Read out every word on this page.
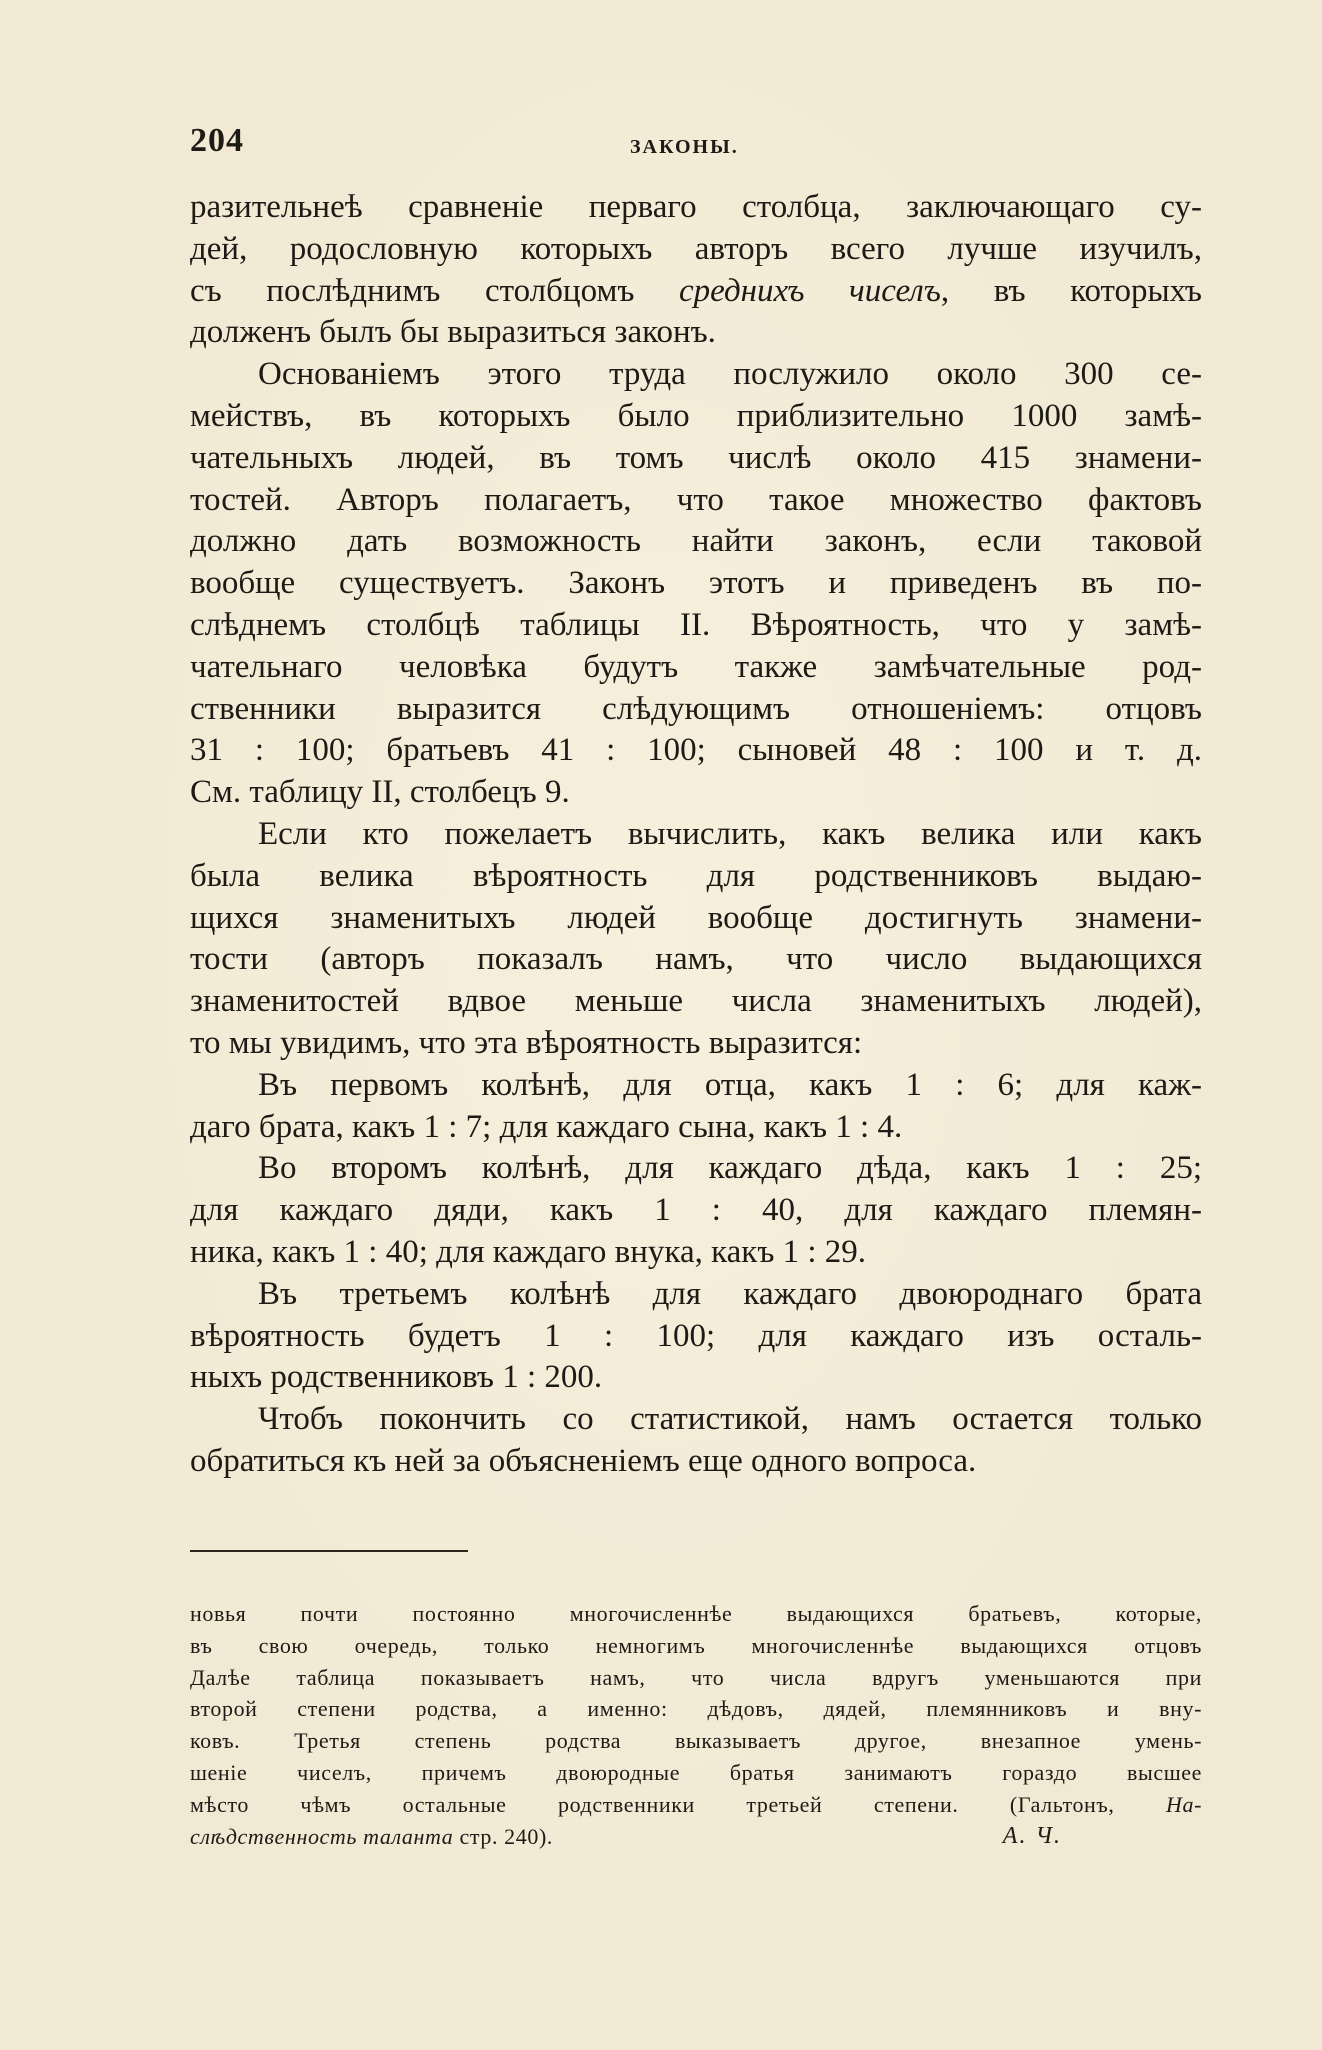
204	ЗАКОНЫ.

разительнеѣ сравненіе перваго столбца, заключающаго су-
дей, родословную которыхъ авторъ всего лучше изучилъ,
съ послѣднимъ столбцомъ среднихъ чиселъ, въ которыхъ
долженъ былъ бы выразиться законъ.

Основаніемъ этого труда послужило около 300 се-
мействъ, въ которыхъ было приблизительно 1000 замѣ-
чательныхъ людей, въ томъ числѣ около 415 знамени-
тостей. Авторъ полагаетъ, что такое множество фактовъ
должно дать возможность найти законъ, если таковой
вообще существуетъ. Законъ этотъ и приведенъ въ по-
слѣднемъ столбцѣ таблицы II. Вѣроятность, что у замѣ-
чательнаго человѣка будутъ также замѣчательные род-
ственники выразится слѣдующимъ отношеніемъ: отцовъ
31 : 100; братьевъ 41 : 100; сыновей 48 : 100 и т. д.
См. таблицу II, столбецъ 9.

Если кто пожелаетъ вычислить, какъ велика или какъ
была велика вѣроятность для родственниковъ выдаю-
щихся знаменитыхъ людей вообще достигнуть знамени-
тости (авторъ показалъ намъ, что число выдающихся
знаменитостей вдвое меньше числа знаменитыхъ людей),
то мы увидимъ, что эта вѣроятность выразится:

Въ первомъ колѣнѣ, для отца, какъ 1 : 6; для каж-
даго брата, какъ 1 : 7; для каждаго сына, какъ 1 : 4.

Во второмъ колѣнѣ, для каждаго дѣда, какъ 1 : 25;
для каждаго дяди, какъ 1 : 40, для каждаго племян-
ника, какъ 1 : 40; для каждаго внука, какъ 1 : 29.

Въ третьемъ колѣнѣ для каждаго двоюроднаго брата
вѣроятность будетъ 1 : 100; для каждаго изъ осталь-
ныхъ родственниковъ 1 : 200.

Чтобъ покончить со статистикой, намъ остается только
обратиться къ ней за объясненіемъ еще одного вопроса.

новья почти постоянно многочисленнѣе выдающихся братьевъ, которые,
въ свою очередь, только немногимъ многочисленнѣе выдающихся отцовъ
Далѣе таблица показываетъ намъ, что числа вдругъ уменьшаются при
второй степени родства, а именно: дѣдовъ, дядей, племянниковъ и вну-
ковъ. Третья степень родства выказываетъ другое, внезапное умень-
шеніе чиселъ, причемъ двоюродные братья занимаютъ гораздо высшее
мѣсто чѣмъ остальные родственники третьей степени. (Гальтонъ, На-
слѣдственность таланта стр. 240).	А. Ч.
